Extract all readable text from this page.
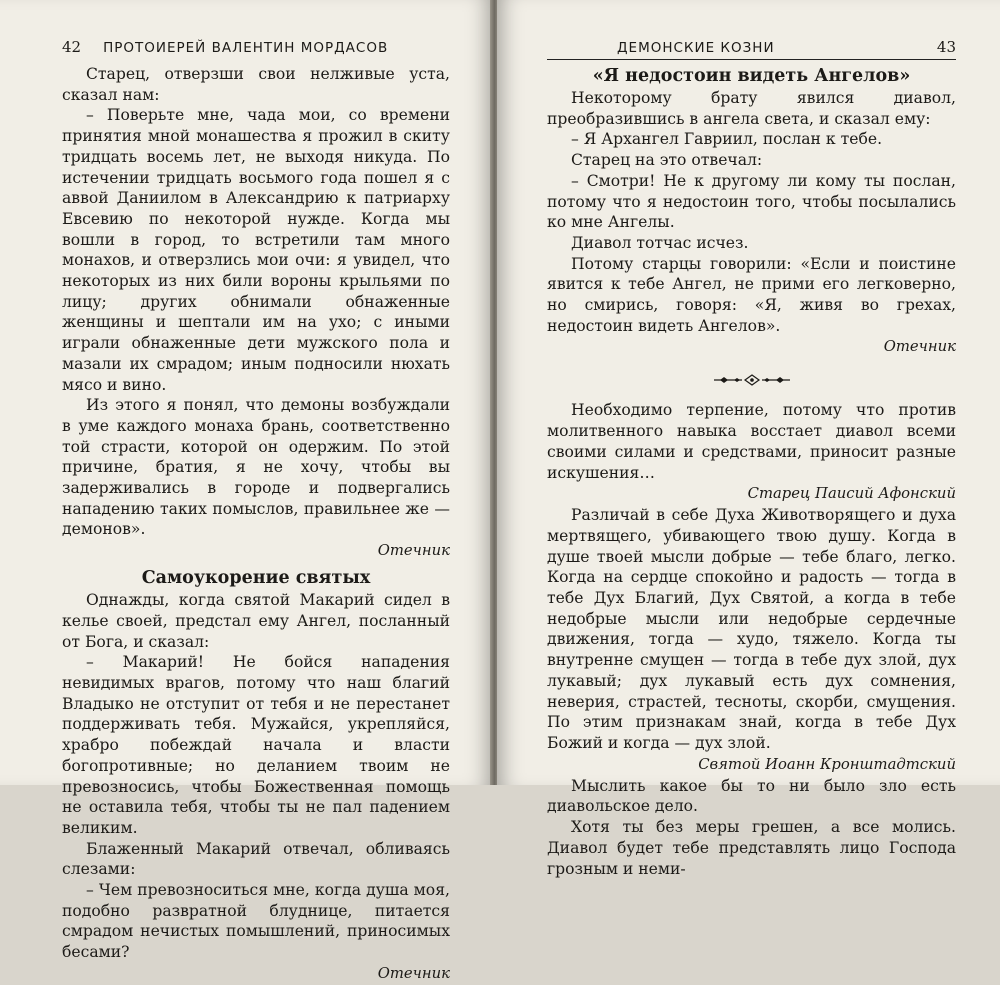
42 ПРОТОИЕРЕЙ ВАЛЕНТИН МОРДАСОВ

Старец, отверзши свои нелживые уста, сказал нам:

– Поверьте мне, чада мои, со времени принятия мной монашества я прожил в скиту тридцать восемь лет, не выходя никуда. По истечении тридцать восьмого года пошел я с аввой Даниилом в Александрию к патриарху Евсевию по некоторой нужде. Когда мы вошли в город, то встретили там много монахов, и отверзлись мои очи: я увидел, что некоторых из них били вороны крыльями по лицу; других обнимали обнаженные женщины и шептали им на ухо; с иными играли обнаженные дети мужского пола и мазали их смрадом; иным подносили нюхать мясо и вино.

Из этого я понял, что демоны возбуждали в уме каждого монаха брань, соответственно той страсти, которой он одержим. По этой причине, братия, я не хочу, чтобы вы задерживались в городе и подвергались нападению таких помыслов, правильнее же — демонов».

Отечник
Самоукорение святых

Однажды, когда святой Макарий сидел в келье своей, предстал ему Ангел, посланный от Бога, и сказал:

– Макарий! Не бойся нападения невидимых врагов, потому что наш благий Владыко не отступит от тебя и не перестанет поддерживать тебя. Мужайся, укрепляйся, храбро побеждай начала и власти богопротивные; но деланием твоим не превозносись, чтобы Божественная помощь не оставила тебя, чтобы ты не пал падением великим.

Блаженный Макарий отвечал, обливаясь слезами:

– Чем превозноситься мне, когда душа моя, подобно развратной блуднице, питается смрадом нечистых помышлений, приносимых бесами?

Отечник
ДЕМОНСКИЕ КОЗНИ	43
«Я недостоин видеть Ангелов»

Некоторому брату явился диавол, преобразившись в ангела света, и сказал ему:

– Я Архангел Гавриил, послан к тебе.

Старец на это отвечал:

– Смотри! Не к другому ли кому ты послан, потому что я недостоин того, чтобы посылались ко мне Ангелы.

Диавол тотчас исчез.

Потому старцы говорили: «Если и поистине явится к тебе Ангел, не прими его легковерно, но смирись, говоря: «Я, живя во грехах, недостоин видеть Ангелов».

Отечник

Необходимо терпение, потому что против молитвенного навыка восстает диавол всеми своими силами и средствами, приносит разные искушения…

Старец Паисий Афонский

Различай в себе Духа Животворящего и духа мертвящего, убивающего твою душу. Когда в душе твоей мысли добрые — тебе благо, легко. Когда на сердце спокойно и радость — тогда в тебе Дух Благий, Дух Святой, а когда в тебе недобрые мысли или недобрые сердечные движения, тогда — худо, тяжело. Когда ты внутренне смущен — тогда в тебе дух злой, дух лукавый; дух лукавый есть дух сомнения, неверия, страстей, тесноты, скорби, смущения. По этим признакам знай, когда в тебе Дух Божий и когда — дух злой.

Святой Иоанн Кронштадтский

Мыслить какое бы то ни было зло есть диавольское дело.

Хотя ты без меры грешен, а все молись. Диавол будет тебе представлять лицо Господа грозным и неми-
